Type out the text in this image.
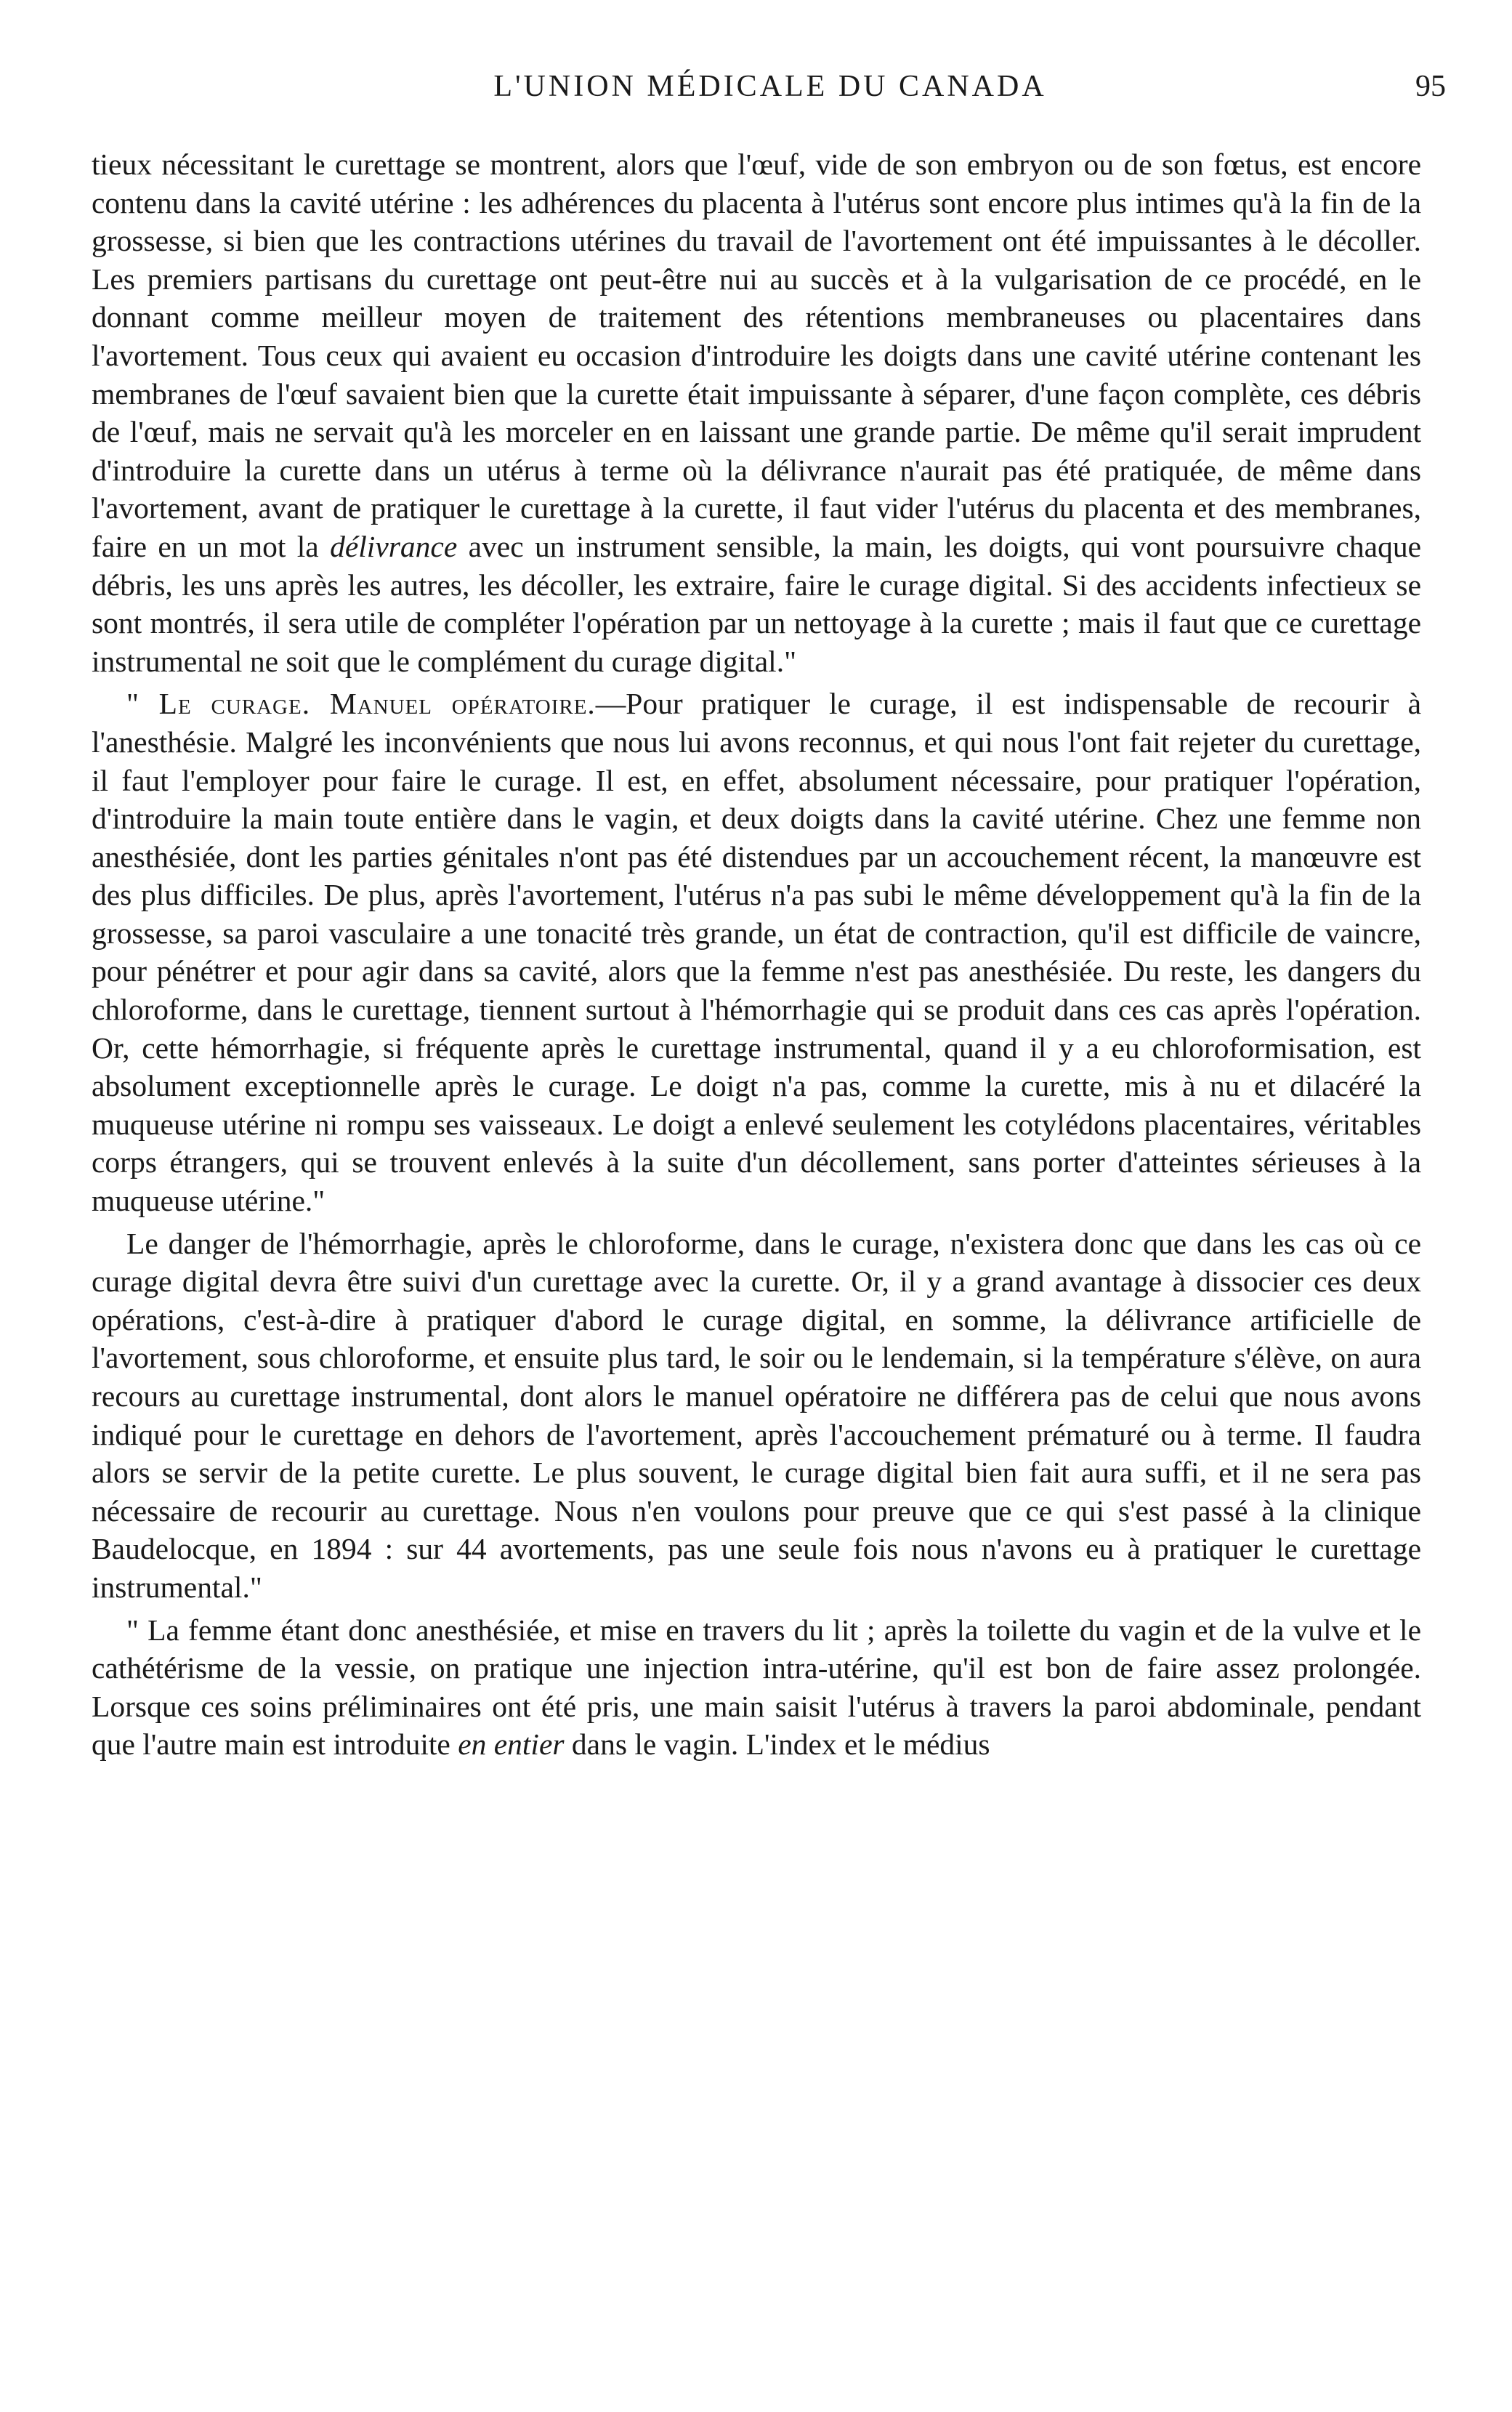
L'UNION MÉDICALE DU CANADA	95

tieux nécessitant le curettage se montrent, alors que l'œuf, vide de son embryon ou de son fœtus, est encore contenu dans la cavité utérine : les adhérences du placenta à l'utérus sont encore plus intimes qu'à la fin de la grossesse, si bien que les contractions utérines du travail de l'avortement ont été impuissantes à le décoller. Les premiers partisans du curettage ont peut-être nui au succès et à la vulgarisation de ce procédé, en le donnant comme meilleur moyen de traitement des rétentions membraneuses ou placentaires dans l'avortement. Tous ceux qui avaient eu occasion d'introduire les doigts dans une cavité utérine contenant les membranes de l'œuf savaient bien que la curette était impuissante à séparer, d'une façon complète, ces débris de l'œuf, mais ne servait qu'à les morceler en en laissant une grande partie. De même qu'il serait imprudent d'introduire la curette dans un utérus à terme où la délivrance n'aurait pas été pratiquée, de même dans l'avortement, avant de pratiquer le curettage à la curette, il faut vider l'utérus du placenta et des membranes, faire en un mot la délivrance avec un instrument sensible, la main, les doigts, qui vont poursuivre chaque débris, les uns après les autres, les décoller, les extraire, faire le curage digital. Si des accidents infectieux se sont montrés, il sera utile de compléter l'opération par un nettoyage à la curette ; mais il faut que ce curettage instrumental ne soit que le complément du curage digital."

" Le curage. Manuel opératoire.—Pour pratiquer le curage, il est indispensable de recourir à l'anesthésie. Malgré les inconvénients que nous lui avons reconnus, et qui nous l'ont fait rejeter du curettage, il faut l'employer pour faire le curage. Il est, en effet, absolument nécessaire, pour pratiquer l'opération, d'introduire la main toute entière dans le vagin, et deux doigts dans la cavité utérine. Chez une femme non anesthésiée, dont les parties génitales n'ont pas été distendues par un accouchement récent, la manœuvre est des plus difficiles. De plus, après l'avortement, l'utérus n'a pas subi le même développement qu'à la fin de la grossesse, sa paroi vasculaire a une tonacité très grande, un état de contraction, qu'il est difficile de vaincre, pour pénétrer et pour agir dans sa cavité, alors que la femme n'est pas anesthésiée. Du reste, les dangers du chloroforme, dans le curettage, tiennent surtout à l'hémorrhagie qui se produit dans ces cas après l'opération. Or, cette hémorrhagie, si fréquente après le curettage instrumental, quand il y a eu chloroformisation, est absolument exceptionnelle après le curage. Le doigt n'a pas, comme la curette, mis à nu et dilacéré la muqueuse utérine ni rompu ses vaisseaux. Le doigt a enlevé seulement les cotylédons placentaires, véritables corps étrangers, qui se trouvent enlevés à la suite d'un décollement, sans porter d'atteintes sérieuses à la muqueuse utérine."

Le danger de l'hémorrhagie, après le chloroforme, dans le curage, n'existera donc que dans les cas où ce curage digital devra être suivi d'un curettage avec la curette. Or, il y a grand avantage à dissocier ces deux opérations, c'est-à-dire à pratiquer d'abord le curage digital, en somme, la délivrance artificielle de l'avortement, sous chloroforme, et ensuite plus tard, le soir ou le lendemain, si la température s'élève, on aura recours au curettage instrumental, dont alors le manuel opératoire ne différera pas de celui que nous avons indiqué pour le curettage en dehors de l'avortement, après l'accouchement prématuré ou à terme. Il faudra alors se servir de la petite curette. Le plus souvent, le curage digital bien fait aura suffi, et il ne sera pas nécessaire de recourir au curettage. Nous n'en voulons pour preuve que ce qui s'est passé à la clinique Baudelocque, en 1894 : sur 44 avortements, pas une seule fois nous n'avons eu à pratiquer le curettage instrumental."

" La femme étant donc anesthésiée, et mise en travers du lit ; après la toilette du vagin et de la vulve et le cathétérisme de la vessie, on pratique une injection intra-utérine, qu'il est bon de faire assez prolongée. Lorsque ces soins préliminaires ont été pris, une main saisit l'utérus à travers la paroi abdominale, pendant que l'autre main est introduite en entier dans le vagin. L'index et le médius
